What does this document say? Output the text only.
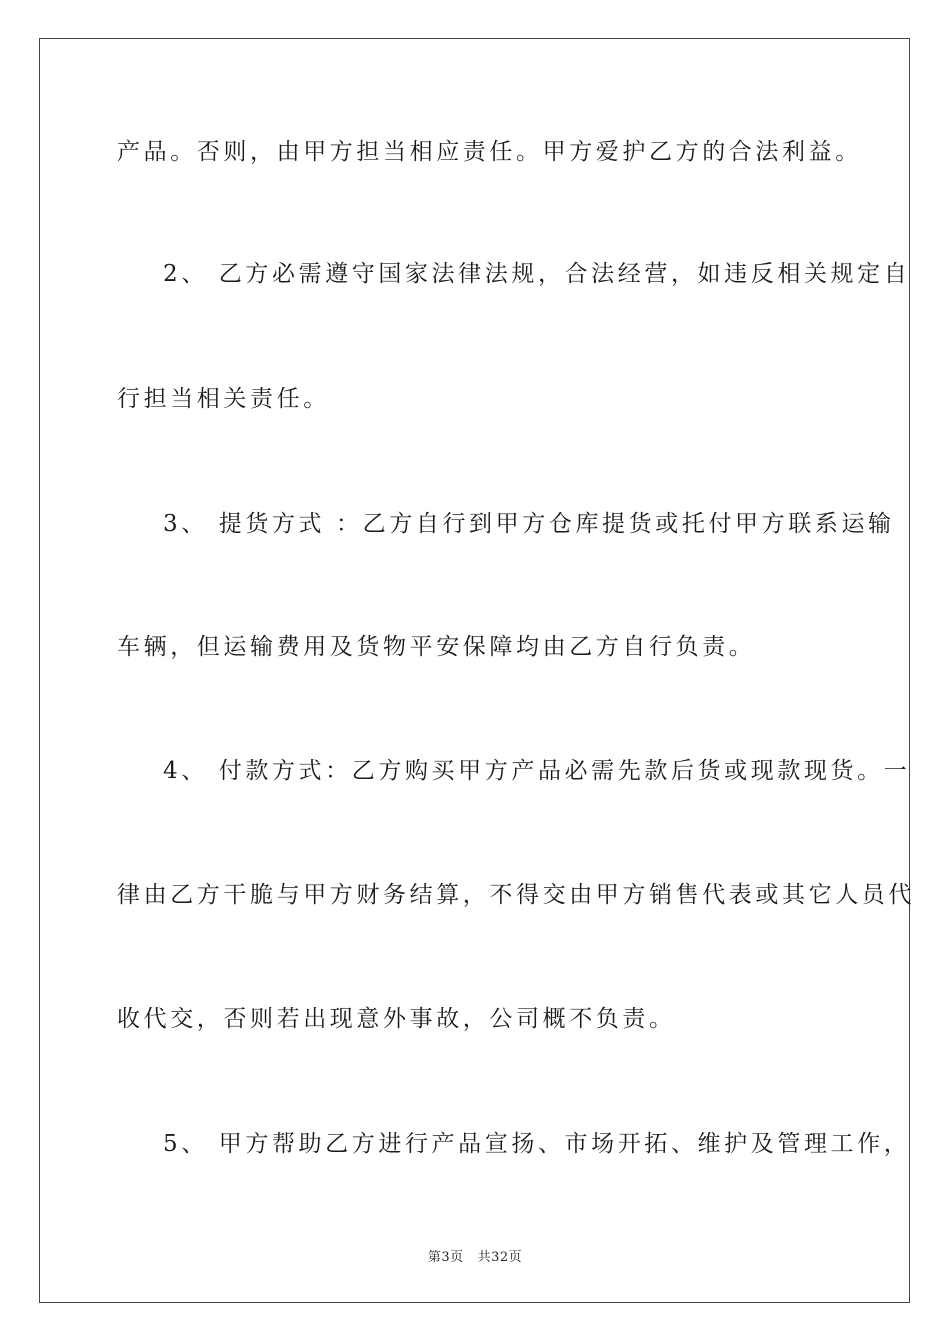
产品。否则，由甲方担当相应责任。甲方爱护乙方的合法利益。
2、 乙方必需遵守国家法律法规，合法经营，如违反相关规定自
行担当相关责任。
3、 提货方式 ：乙方自行到甲方仓库提货或托付甲方联系运输
车辆，但运输费用及货物平安保障均由乙方自行负责。
4、 付款方式：乙方购买甲方产品必需先款后货或现款现货。一
律由乙方干脆与甲方财务结算，不得交由甲方销售代表或其它人员代
收代交，否则若出现意外事故，公司概不负责。
5、 甲方帮助乙方进行产品宣扬、市场开拓、维护及管理工作，
第3页 共32页
